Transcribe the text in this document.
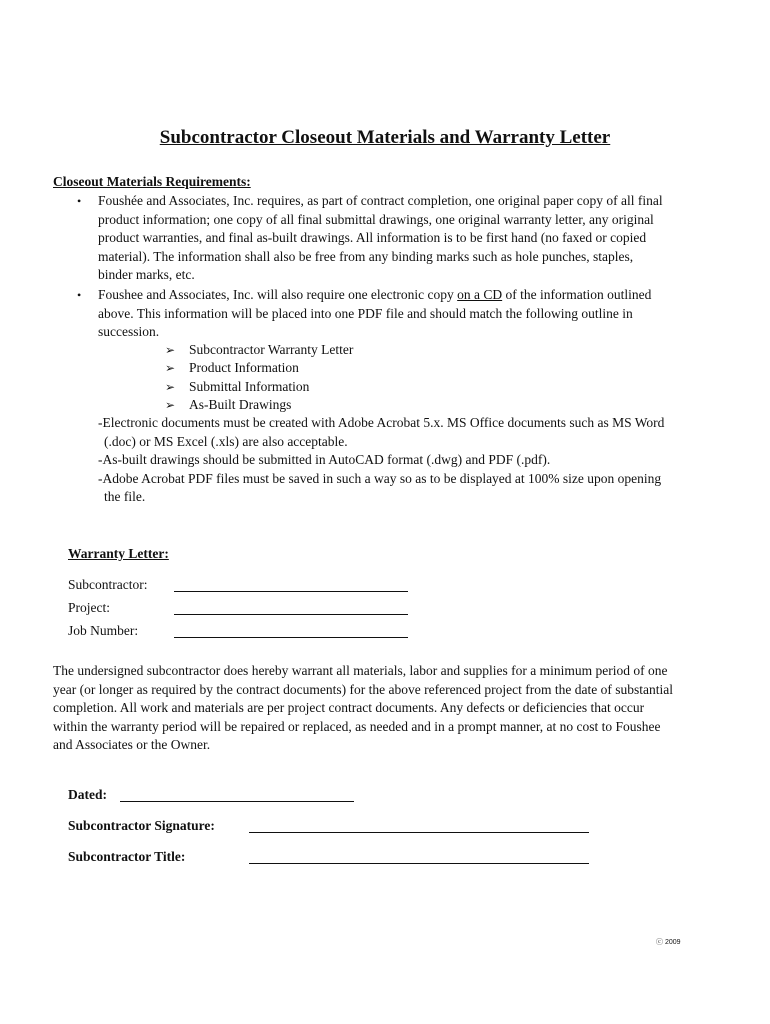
Subcontractor Closeout Materials and Warranty Letter
Closeout Materials Requirements:
• Foushée and Associates, Inc. requires, as part of contract completion, one original paper copy of all final product information; one copy of all final submittal drawings, one original warranty letter, any original product warranties, and final as-built drawings. All information is to be first hand (no faxed or copied material). The information shall also be free from any binding marks such as hole punches, staples, binder marks, etc.
• Foushee and Associates, Inc. will also require one electronic copy on a CD of the information outlined above. This information will be placed into one PDF file and should match the following outline in succession.
➢ Subcontractor Warranty Letter
➢ Product Information
➢ Submittal Information
➢ As-Built Drawings
-Electronic documents must be created with Adobe Acrobat 5.x. MS Office documents such as MS Word (.doc) or MS Excel (.xls) are also acceptable.
-As-built drawings should be submitted in AutoCAD format (.dwg) and PDF (.pdf).
-Adobe Acrobat PDF files must be saved in such a way so as to be displayed at 100% size upon opening the file.
Warranty Letter:
Subcontractor:
Project:
Job Number:
The undersigned subcontractor does hereby warrant all materials, labor and supplies for a minimum period of one year (or longer as required by the contract documents) for the above referenced project from the date of substantial completion. All work and materials are per project contract documents. Any defects or deficiencies that occur within the warranty period will be repaired or replaced, as needed and in a prompt manner, at no cost to Foushee and Associates or the Owner.
Dated:
Subcontractor Signature:
Subcontractor Title:
ⓒ 2009
